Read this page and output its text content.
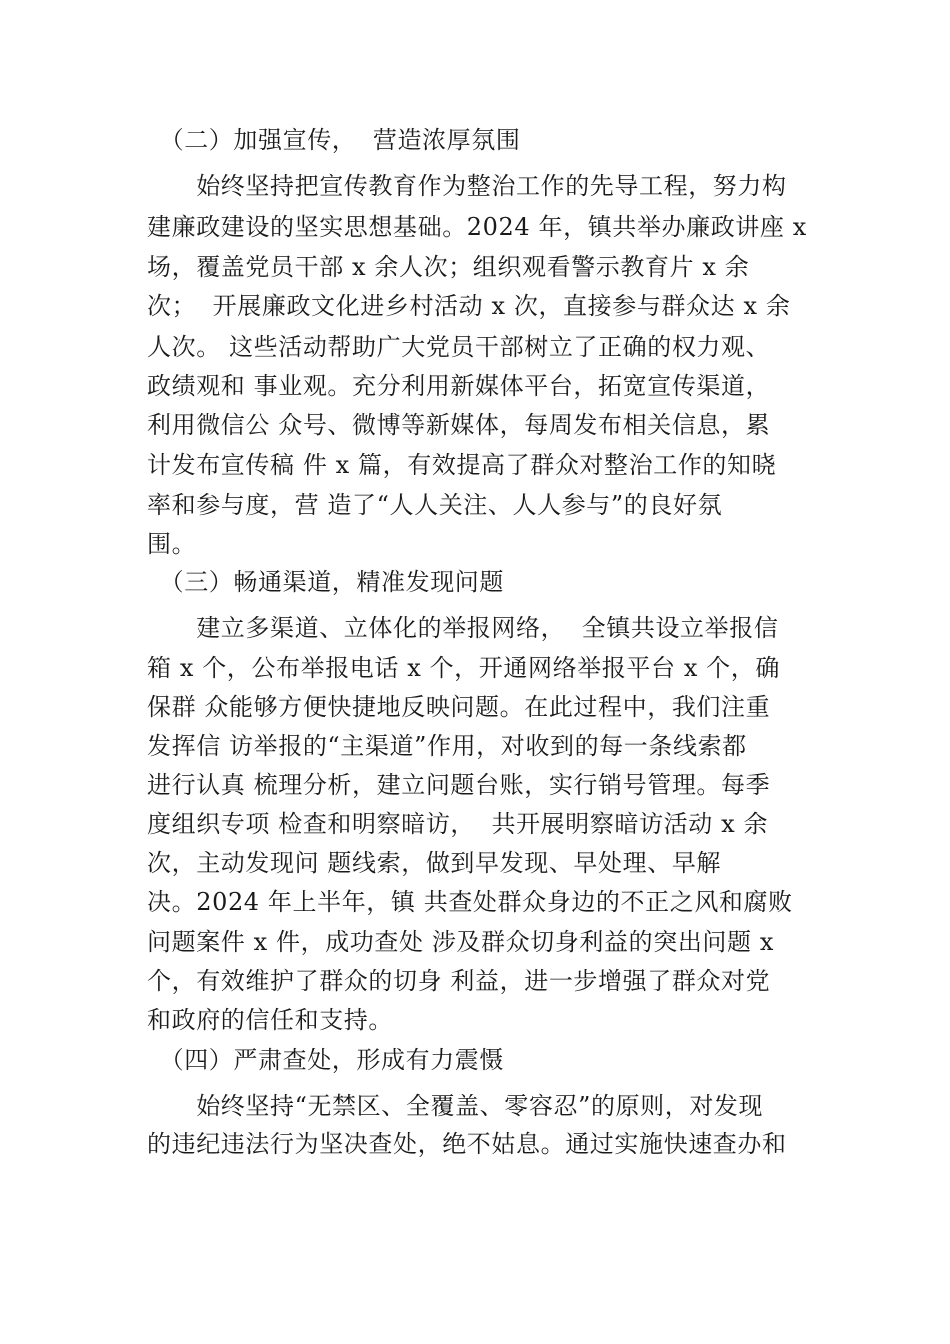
　（二）加强宣传，  营造浓厚氛围
　　始终坚持把宣传教育作为整治工作的先导工程，努力构
建廉政建设的坚实思想基础。2024 年，镇共举办廉政讲座 x
场，覆盖党员干部 x 余人次；组织观看警示教育片 x 余
次；  开展廉政文化进乡村活动 x 次，直接参与群众达 x 余
人次。 这些活动帮助广大党员干部树立了正确的权力观、
政绩观和 事业观。充分利用新媒体平台，拓宽宣传渠道，
利用微信公 众号、微博等新媒体，每周发布相关信息，累
计发布宣传稿 件 x 篇，有效提高了群众对整治工作的知晓
率和参与度，营 造了“人人关注、人人参与”的良好氛
围。
　（三）畅通渠道，精准发现问题
　　建立多渠道、立体化的举报网络，  全镇共设立举报信
箱 x 个，公布举报电话 x 个，开通网络举报平台 x 个，确
保群 众能够方便快捷地反映问题。在此过程中，我们注重
发挥信 访举报的“主渠道”作用，对收到的每一条线索都
进行认真 梳理分析，建立问题台账，实行销号管理。每季
度组织专项 检查和明察暗访，  共开展明察暗访活动 x 余
次，主动发现问 题线索，做到早发现、早处理、早解
决。2024 年上半年，镇 共查处群众身边的不正之风和腐败
问题案件 x 件，成功查处 涉及群众切身利益的突出问题 x
个，有效维护了群众的切身 利益，进一步增强了群众对党
和政府的信任和支持。
　（四）严肃查处，形成有力震慑
　　始终坚持“无禁区、全覆盖、零容忍”的原则，对发现
的违纪违法行为坚决查处，绝不姑息。通过实施快速查办和
